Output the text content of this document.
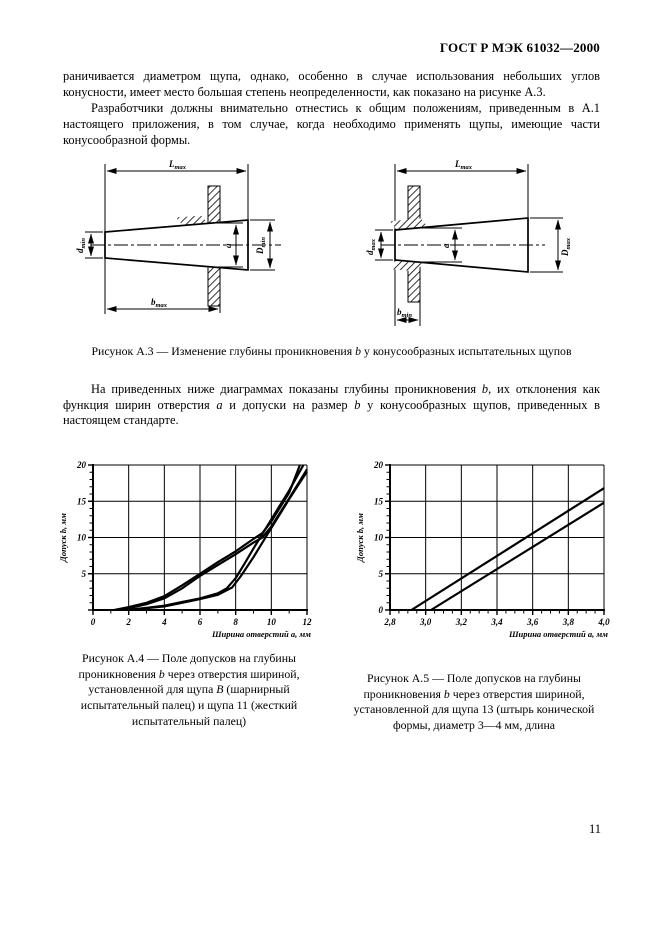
ГОСТ Р МЭК 61032—2000

раничивается диаметром щупа, однако, особенно в случае использования небольших углов конусности, имеет место большая степень неопределенности, как показано на рисунке А.3.

Разработчики должны внимательно отнестись к общим положениям, приведенным в А.1 настоящего приложения, в том случае, когда необходимо применять щупы, имеющие части конусообразной формы.

$L_{max}$
$d_{min}$	a
$D_{min}$
$b_{max}$
$L_{max}$
$d_{max}$	a
$D_{max}$
$b_{min}$
Рисунок А.3 — Изменение глубины проникновения b у конусообразных испытательных щупов

На приведенных ниже диаграммах показаны глубины проникновения b, их отклонения как функция ширин отверстия a и допуски на размер b у конусообразных щупов, приведенных в настоящем стандарте.

0	2	4	6	8	10	12
5
10
15
20
Допуск b, мм
Ширина отверстий а, мм
2,8	3,0	3,2	3,4	3,6	3,8	4,0
0
5
10
15
20
Допуск b, мм
Ширина отверстий а, мм
Рисунок А.4 — Поле допусков на глубины проникновения b через отверстия шириной, установленной для щупа В (шарнирный испытательный палец) и щупа 11 (жесткий испытательный палец)
Рисунок А.5 — Поле допусков на глубины проникновения b через отверстия шириной, установленной для щупа 13 (штырь конической формы, диаметр 3—4 мм, длина
11
